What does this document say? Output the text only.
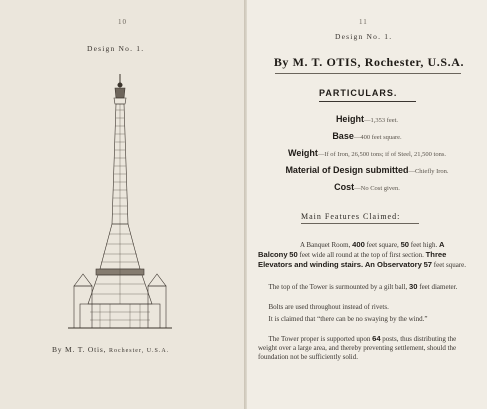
10
Design No. 1.
By M. T. Otis, Rochester, U.S.A.
11
Design No. 1.
By M. T. OTIS, Rochester, U.S.A.
PARTICULARS.
Height—1,353 feet.
Base—400 feet square.
Weight—If of Iron, 26,500 tons; if of Steel, 21,500 tons.
Material of Design submitted—Chiefly Iron.
Cost—No Cost given.
Main Features Claimed:
      A Banquet Room, 400 feet square, 50 feet high. A Balcony 50 feet wide all round at the top of first section. Three Elevators and winding stairs. An Observatory 57 feet square.
  The top of the Tower is surmounted by a gilt ball, 30 feet diameter.
  Bolts are used throughout instead of rivets.
  It is claimed that “there can be no swaying by the wind.”
  The Tower proper is supported upon 64 posts, thus distributing the weight over a large area, and thereby preventing settlement, should the foundation not be sufficiently solid.
